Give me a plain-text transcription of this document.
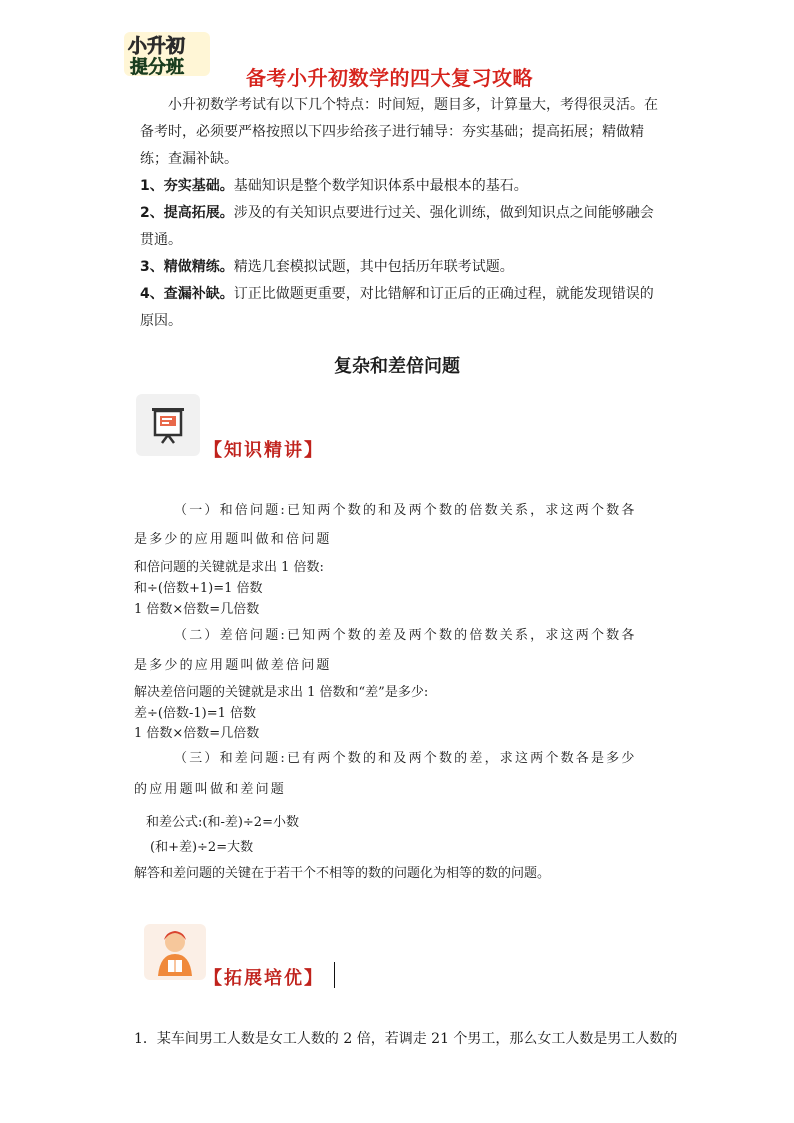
小升初
提分班	备考小升初数学的四大复习攻略
小升初数学考试有以下几个特点：时间短，题目多，计算量大，考得很灵活。在备考时，必须要严格按照以下四步给孩子进行辅导：夯实基础；提高拓展；精做精练；查漏补缺。
1、夯实基础。基础知识是整个数学知识体系中最根本的基石。
2、提高拓展。涉及的有关知识点要进行过关、强化训练，做到知识点之间能够融会贯通。
3、精做精练。精选几套模拟试题，其中包括历年联考试题。
4、查漏补缺。订正比做题更重要，对比错解和订正后的正确过程，就能发现错误的原因。
复杂和差倍问题
【知识精讲】
（一）和倍问题:已知两个数的和及两个数的倍数关系，求这两个数各
是多少的应用题叫做和倍问题
和倍问题的关键就是求出 1 倍数:
和÷(倍数+1)=1 倍数
1 倍数×倍数=几倍数
（二）差倍问题:已知两个数的差及两个数的倍数关系，求这两个数各
是多少的应用题叫做差倍问题
解决差倍问题的关键就是求出 1 倍数和“差”是多少:
差÷(倍数-1)=1 倍数
1 倍数×倍数=几倍数
（三）和差问题:已有两个数的和及两个数的差，求这两个数各是多少
的应用题叫做和差问题
和差公式:(和-差)÷2=小数
(和+差)÷2=大数
解答和差问题的关键在于若干个不相等的数的问题化为相等的数的问题。
【拓展培优】
1．某车间男工人数是女工人数的 2 倍，若调走 21 个男工，那么女工人数是男工人数的
